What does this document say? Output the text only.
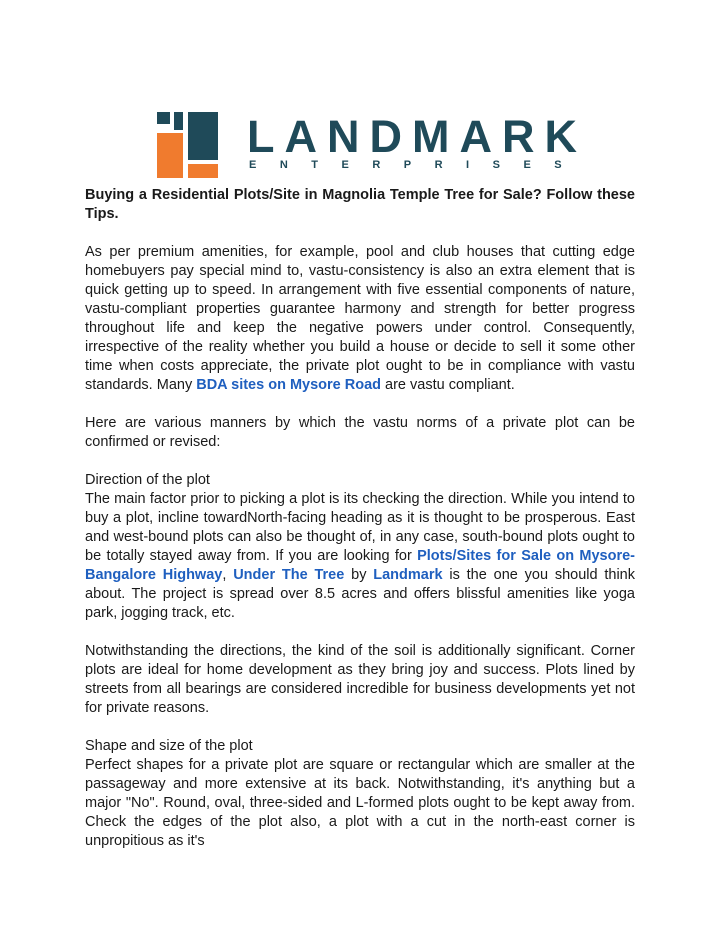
LANDMARK
ENTERPRISES

Buying a Residential Plots/Site in Magnolia Temple Tree for Sale? Follow these Tips.

As per premium amenities, for example, pool and club houses that cutting edge homebuyers pay special mind to, vastu-consistency is also an extra element that is quick getting up to speed. In arrangement with five essential components of nature, vastu-compliant properties guarantee harmony and strength for better progress throughout life and keep the negative powers under control. Consequently, irrespective of the reality whether you build a house or decide to sell it some other time when costs appreciate, the private plot ought to be in compliance with vastu standards. Many BDA sites on Mysore Road are vastu compliant.

Here are various manners by which the vastu norms of a private plot can be confirmed or revised:

Direction of the plot

The main factor prior to picking a plot is its checking the direction. While you intend to buy a plot, incline towardNorth-facing heading as it is thought to be prosperous. East and west-bound plots can also be thought of, in any case, south-bound plots ought to be totally stayed away from. If you are looking for Plots/Sites for Sale on Mysore-Bangalore Highway, Under The Tree by Landmark is the one you should think about. The project is spread over 8.5 acres and offers blissful amenities like yoga park, jogging track, etc.

Notwithstanding the directions, the kind of the soil is additionally significant. Corner plots are ideal for home development as they bring joy and success. Plots lined by streets from all bearings are considered incredible for business developments yet not for private reasons.

Shape and size of the plot

Perfect shapes for a private plot are square or rectangular which are smaller at the passageway and more extensive at its back. Notwithstanding, it's anything but a major "No". Round, oval, three-sided and L-formed plots ought to be kept away from. Check the edges of the plot also, a plot with a cut in the north-east corner is unpropitious as it's
